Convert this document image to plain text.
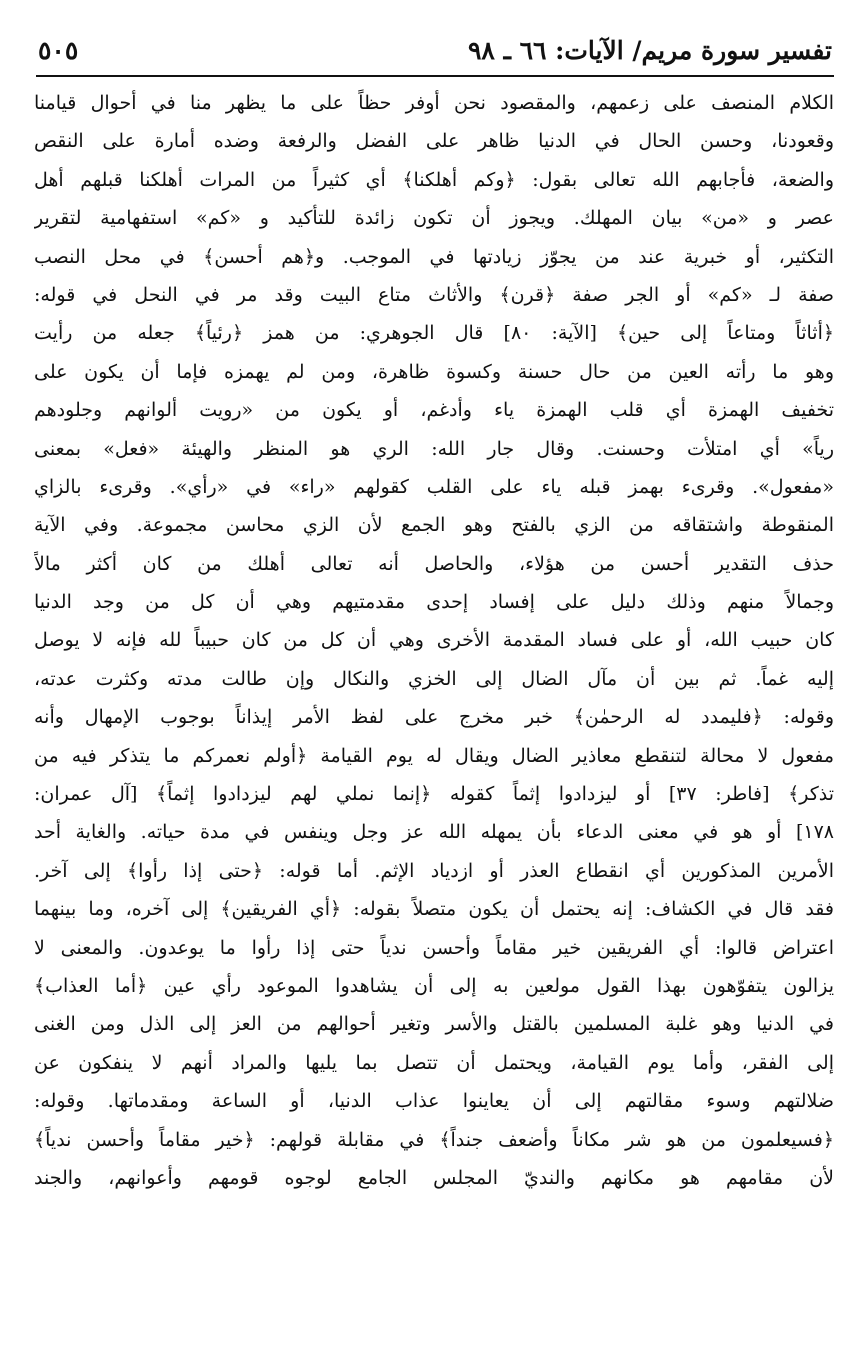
تفسير سورة مريم/ الآيات: ٦٦ ـ ٩٨
٥٠٥
الكلام المنصف على زعمهم، والمقصود نحن أوفر حظاً على ما يظهر منا في أحوال قيامنا
وقعودنا، وحسن الحال في الدنيا ظاهر على الفضل والرفعة وضده أمارة على النقص
والضعة، فأجابهم الله تعالى بقول: ﴿وكم أهلكنا﴾ أي كثيراً من المرات أهلكنا قبلهم أهل
عصر و «من» بيان المهلك. ويجوز أن تكون زائدة للتأكيد و «كم» استفهامية لتقرير
التكثير، أو خبرية عند من يجوّز زيادتها في الموجب. و﴿هم أحسن﴾ في محل النصب
صفة لـ «كم» أو الجر صفة ﴿قرن﴾ والأثاث متاع البيت وقد مر في النحل في قوله:
﴿أثاثاً ومتاعاً إلى حين﴾ [الآية: ٨٠] قال الجوهري: من همز ﴿رئياً﴾ جعله من رأيت
وهو ما رأته العين من حال حسنة وكسوة ظاهرة، ومن لم يهمزه فإما أن يكون على
تخفيف الهمزة أي قلب الهمزة ياء وأدغم، أو يكون من «رويت ألوانهم وجلودهم
رياً» أي امتلأت وحسنت. وقال جار الله: الري هو المنظر والهيئة «فعل» بمعنى
«مفعول». وقرىء بهمز قبله ياء على القلب كقولهم «راء» في «رأي». وقرىء بالزاي
المنقوطة واشتقاقه من الزي بالفتح وهو الجمع لأن الزي محاسن مجموعة. وفي الآية
حذف التقدير أحسن من هؤلاء، والحاصل أنه تعالى أهلك من كان أكثر مالاً
وجمالاً منهم وذلك دليل على إفساد إحدى مقدمتيهم وهي أن كل من وجد الدنيا
كان حبيب الله، أو على فساد المقدمة الأخرى وهي أن كل من كان حبيباً لله فإنه لا يوصل
إليه غماً. ثم بين أن مآل الضال إلى الخزي والنكال وإن طالت مدته وكثرت عدته،
وقوله: ﴿فليمدد له الرحمٰن﴾ خبر مخرج على لفظ الأمر إيذاناً بوجوب الإمهال وأنه
مفعول لا محالة لتنقطع معاذير الضال ويقال له يوم القيامة ﴿أولم نعمركم ما يتذكر فيه من
تذكر﴾ [فاطر: ٣٧] أو ليزدادوا إثماً كقوله ﴿إنما نملي لهم ليزدادوا إثماً﴾ [آل عمران:
١٧٨] أو هو في معنى الدعاء بأن يمهله الله عز وجل وينفس في مدة حياته. والغاية أحد
الأمرين المذكورين أي انقطاع العذر أو ازدياد الإثم. أما قوله: ﴿حتى إذا رأوا﴾ إلى آخر.
فقد قال في الكشاف: إنه يحتمل أن يكون متصلاً بقوله: ﴿أي الفريقين﴾ إلى آخره، وما بينهما
اعتراض قالوا: أي الفريقين خير مقاماً وأحسن ندياً حتى إذا رأوا ما يوعدون. والمعنى لا
يزالون يتفوّهون بهذا القول مولعين به إلى أن يشاهدوا الموعود رأي عين ﴿أما العذاب﴾
في الدنيا وهو غلبة المسلمين بالقتل والأسر وتغير أحوالهم من العز إلى الذل ومن الغنى
إلى الفقر، وأما يوم القيامة، ويحتمل أن تتصل بما يليها والمراد أنهم لا ينفكون عن
ضلالتهم وسوء مقالتهم إلى أن يعاينوا عذاب الدنيا، أو الساعة ومقدماتها. وقوله:
﴿فسيعلمون من هو شر مكاناً وأضعف جنداً﴾ في مقابلة قولهم: ﴿خير مقاماً وأحسن ندياً﴾
لأن مقامهم هو مكانهم والنديّ المجلس الجامع لوجوه قومهم وأعوانهم، والجند
